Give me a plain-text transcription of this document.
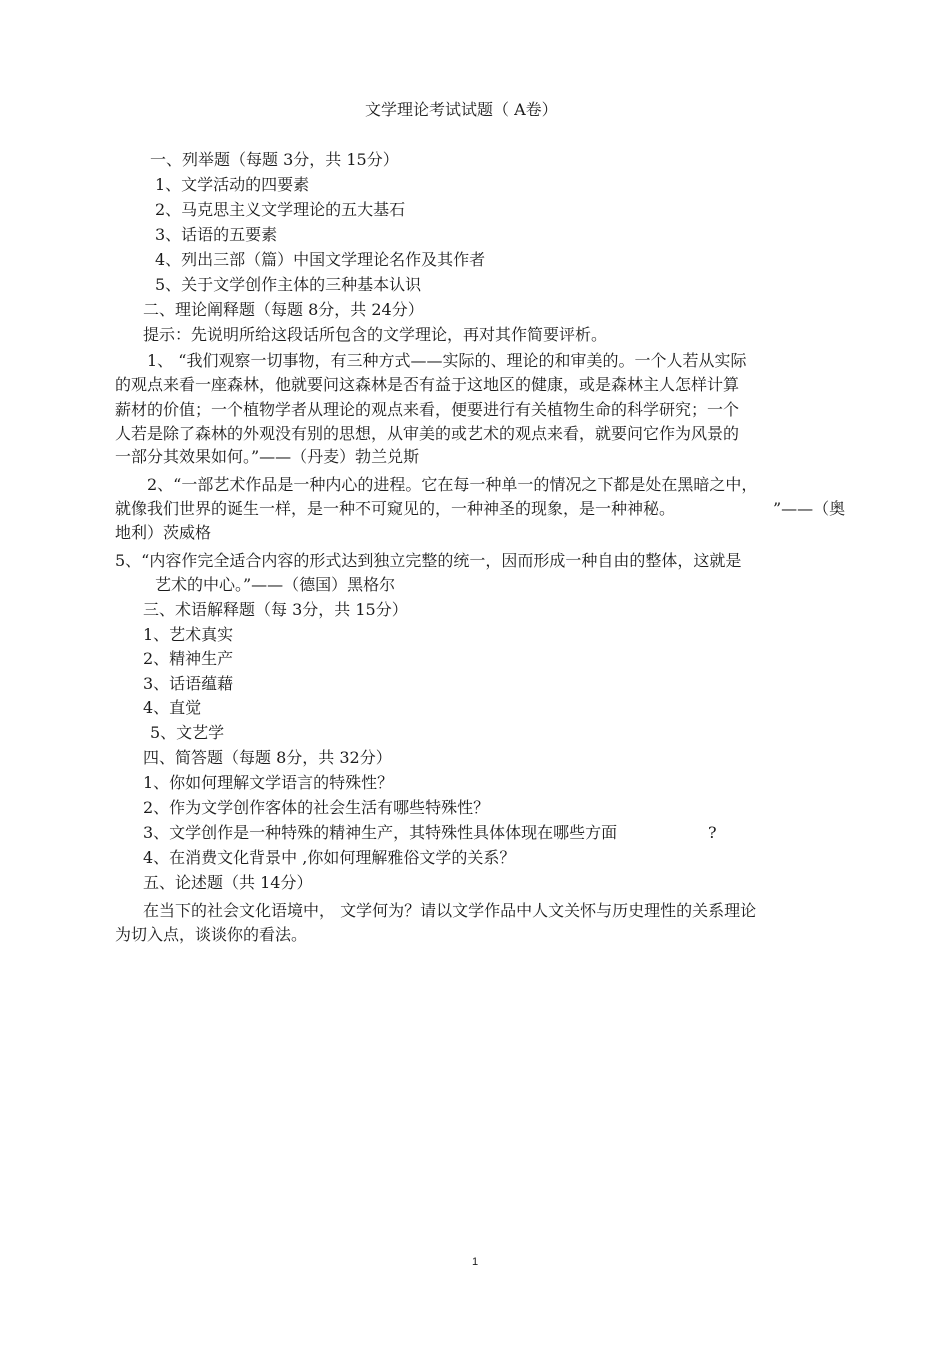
文学理论考试试题（ A卷）
一、列举题（每题 3分，共 15分）
1、文学活动的四要素
2、马克思主义文学理论的五大基石
3、话语的五要素
4、列出三部（篇）中国文学理论名作及其作者
5、关于文学创作主体的三种基本认识
二、理论阐释题（每题 8分，共 24分）
提示：先说明所给这段话所包含的文学理论，再对其作简要评析。
1、 “我们观察一切事物，有三种方式——实际的、理论的和审美的。一个人若从实际
的观点来看一座森林，他就要问这森林是否有益于这地区的健康，或是森林主人怎样计算
薪材的价值；一个植物学者从理论的观点来看，便要进行有关植物生命的科学研究；一个
人若是除了森林的外观没有别的思想，从审美的或艺术的观点来看，就要问它作为风景的
一部分其效果如何。”——（丹麦）勃兰兑斯
2、“一部艺术作品是一种内心的进程。它在每一种单一的情况之下都是处在黑暗之中，
就像我们世界的诞生一样，是一种不可窥见的，一种神圣的现象，是一种神秘。	”——（奥
地利）茨威格
5、“内容作完全适合内容的形式达到独立完整的统一，因而形成一种自由的整体，这就是
艺术的中心。”——（德国）黑格尔
三、术语解释题（每 3分，共 15分）
1、艺术真实
2、精神生产
3、话语蕴藉
4、直觉
5、文艺学
四、简答题（每题 8分，共 32分）
1、你如何理解文学语言的特殊性？
2、作为文学创作客体的社会生活有哪些特殊性？
3、文学创作是一种特殊的精神生产，其特殊性具体体现在哪些方面	?
4、在消费文化背景中 ,你如何理解雅俗文学的关系？
五、论述题（共 14分）
在当下的社会文化语境中， 文学何为？请以文学作品中人文关怀与历史理性的关系理论
为切入点，谈谈你的看法。
1
